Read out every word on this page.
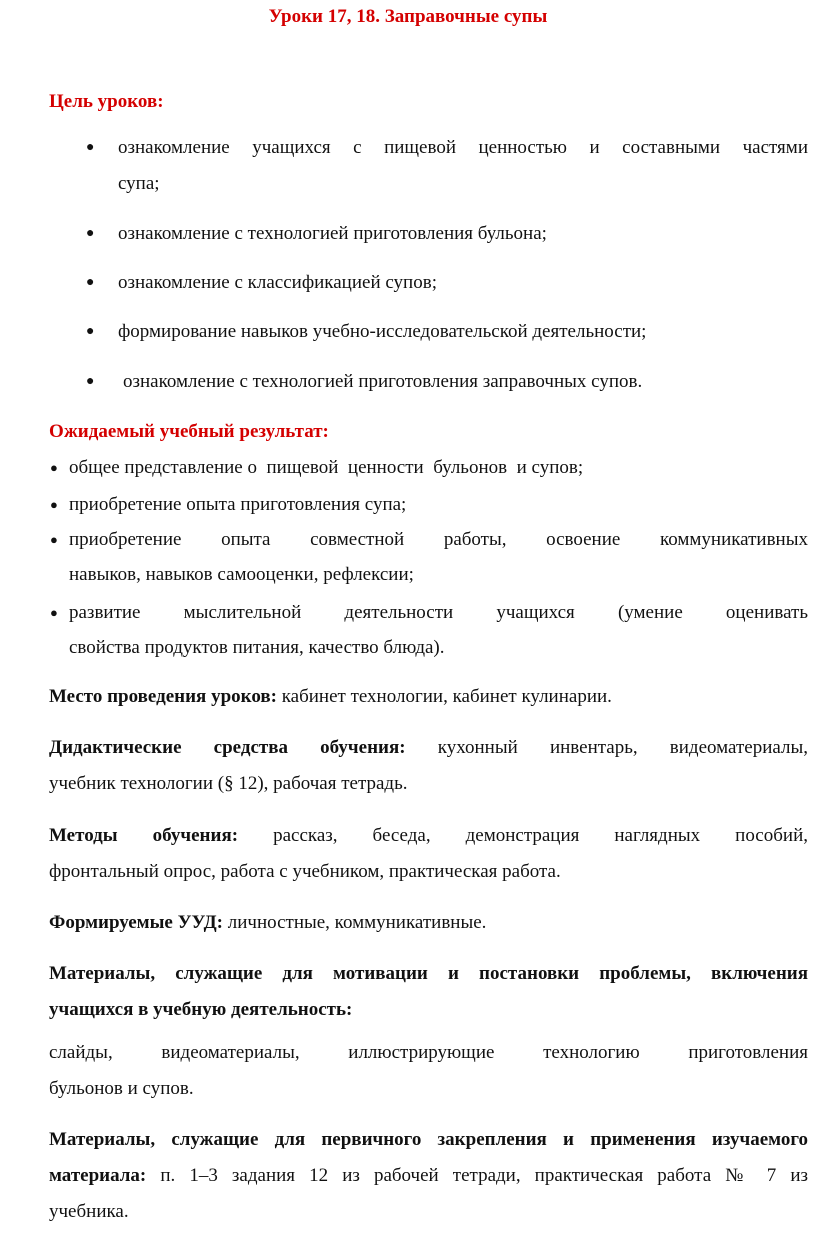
Уроки 17, 18. Заправочные супы
Цель уроков:
● ознакомление учащихся с пищевой ценностью и составными частями
супа;
● ознакомление с технологией приготовления бульона;
● ознакомление с классификацией супов;
● формирование навыков учебно-исследовательской деятельности;
● ознакомление с технологией приготовления заправочных супов.
Ожидаемый учебный результат:
● общее представление о  пищевой  ценности  бульонов  и супов;
● приобретение опыта приготовления супа;
● приобретение опыта совместной работы, освоение коммуникативных
навыков, навыков самооценки, рефлексии;
● развитие мыслительной деятельности учащихся (умение оценивать
свойства продуктов питания, качество блюда).
Место проведения уроков: кабинет технологии, кабинет кулинарии.
Дидактические средства обучения: кухонный инвентарь, видеоматериалы,
учебник технологии (§ 12), рабочая тетрадь.
Методы обучения: рассказ, беседа, демонстрация наглядных пособий,
фронтальный опрос, работа с учебником, практическая работа.
Формируемые УУД: личностные, коммуникативные.
Материалы, служащие для мотивации и постановки проблемы, включения
учащихся в учебную деятельность:
слайды, видеоматериалы, иллюстрирующие технологию приготовления
бульонов и супов.
Материалы, служащие для первичного закрепления и применения изучаемого
материала: п. 1–3 задания 12 из рабочей тетради, практическая работа № 7 из
учебника.
